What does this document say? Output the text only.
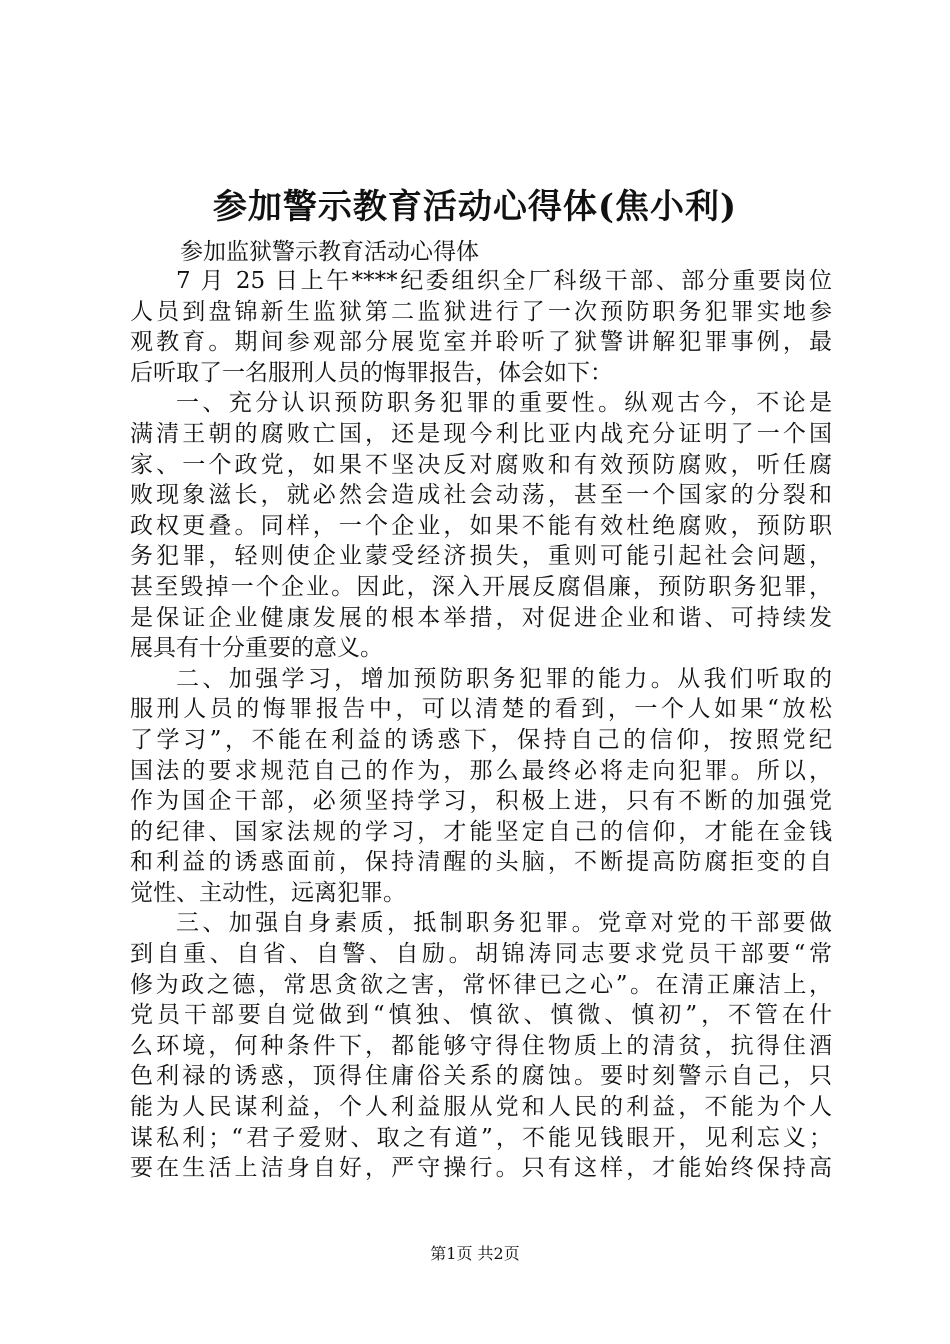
参加警示教育活动心得体(焦小利)
参加监狱警示教育活动心得体
7 月 25 日上午****纪委组织全厂科级干部、部分重要岗位
人员到盘锦新生监狱第二监狱进行了一次预防职务犯罪实地参
观教育。期间参观部分展览室并聆听了狱警讲解犯罪事例，最
后听取了一名服刑人员的悔罪报告，体会如下：
一、充分认识预防职务犯罪的重要性。纵观古今，不论是
满清王朝的腐败亡国，还是现今利比亚内战充分证明了一个国
家、一个政党，如果不坚决反对腐败和有效预防腐败，听任腐
败现象滋长，就必然会造成社会动荡，甚至一个国家的分裂和
政权更叠。同样，一个企业，如果不能有效杜绝腐败，预防职
务犯罪，轻则使企业蒙受经济损失，重则可能引起社会问题，
甚至毁掉一个企业。因此，深入开展反腐倡廉，预防职务犯罪，
是保证企业健康发展的根本举措，对促进企业和谐、可持续发
展具有十分重要的意义。
二、加强学习，增加预防职务犯罪的能力。从我们听取的
服刑人员的悔罪报告中，可以清楚的看到，一个人如果“放松
了学习”，不能在利益的诱惑下，保持自己的信仰，按照党纪
国法的要求规范自己的作为，那么最终必将走向犯罪。所以，
作为国企干部，必须坚持学习，积极上进，只有不断的加强党
的纪律、国家法规的学习，才能坚定自己的信仰，才能在金钱
和利益的诱惑面前，保持清醒的头脑，不断提高防腐拒变的自
觉性、主动性，远离犯罪。
三、加强自身素质，抵制职务犯罪。党章对党的干部要做
到自重、自省、自警、自励。胡锦涛同志要求党员干部要“常
修为政之德，常思贪欲之害，常怀律已之心”。在清正廉洁上，
党员干部要自觉做到“慎独、慎欲、慎微、慎初”，不管在什
么环境，何种条件下，都能够守得住物质上的清贫，抗得住酒
色利禄的诱惑，顶得住庸俗关系的腐蚀。要时刻警示自己，只
能为人民谋利益，个人利益服从党和人民的利益，不能为个人
谋私利；“君子爱财、取之有道”，不能见钱眼开，见利忘义；
要在生活上洁身自好，严守操行。只有这样，才能始终保持高
第1页 共2页
